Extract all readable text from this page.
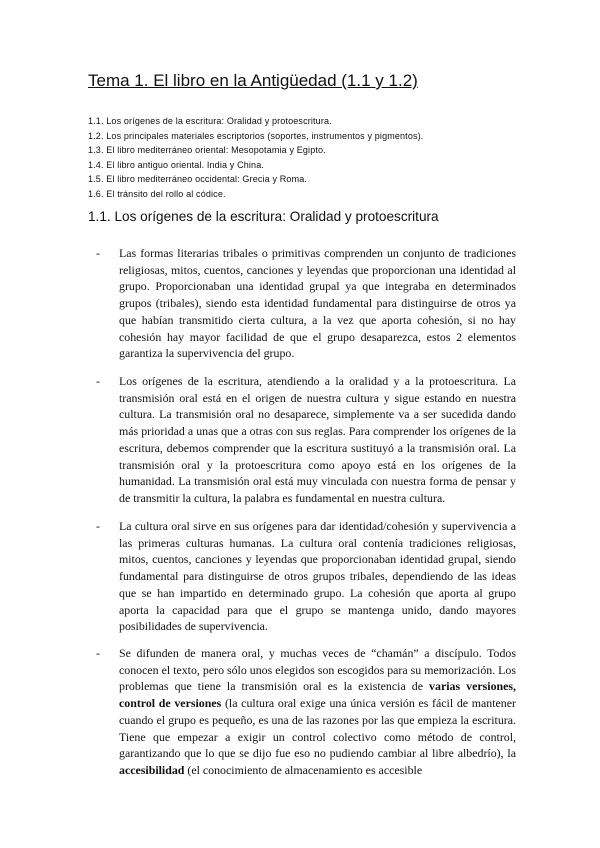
Tema 1. El libro en la Antigüedad (1.1 y 1.2)
1.1. Los orígenes de la escritura: Oralidad y protoescritura.
1.2. Los principales materiales escriptorios (soportes, instrumentos y pigmentos).
1.3. El libro mediterráneo oriental: Mesopotamia y Egipto.
1.4. El libro antiguo oriental. India y China.
1.5. El libro mediterráneo occidental: Grecia y Roma.
1.6. El tránsito del rollo al códice.
1.1. Los orígenes de la escritura: Oralidad y protoescritura
-	Las formas literarias tribales o primitivas comprenden un conjunto de tradiciones religiosas, mitos, cuentos, canciones y leyendas que proporcionan una identidad al grupo. Proporcionaban una identidad grupal ya que integraba en determinados grupos (tribales), siendo esta identidad fundamental para distinguirse de otros ya que habían transmitido cierta cultura, a la vez que aporta cohesión, si no hay cohesión hay mayor facilidad de que el grupo desaparezca, estos 2 elementos garantiza la supervivencia del grupo.

-	Los orígenes de la escritura, atendiendo a la oralidad y a la protoescritura. La transmisión oral está en el origen de nuestra cultura y sigue estando en nuestra cultura. La transmisión oral no desaparece, simplemente va a ser sucedida dando más prioridad a unas que a otras con sus reglas. Para comprender los orígenes de la escritura, debemos comprender que la escritura sustituyó a la transmisión oral. La transmisión oral y la protoescritura como apoyo está en los orígenes de la humanidad. La transmisión oral está muy vinculada con nuestra forma de pensar y de transmitir la cultura, la palabra es fundamental en nuestra cultura.

-	La cultura oral sirve en sus orígenes para dar identidad/cohesión y supervivencia a las primeras culturas humanas. La cultura oral contenía tradiciones religiosas, mitos, cuentos, canciones y leyendas que proporcionaban identidad grupal, siendo fundamental para distinguirse de otros grupos tribales, dependiendo de las ideas que se han impartido en determinado grupo. La cohesión que aporta al grupo aporta la capacidad para que el grupo se mantenga unido, dando mayores posibilidades de supervivencia.

-	Se difunden de manera oral, y muchas veces de “chamán” a discípulo. Todos conocen el texto, pero sólo unos elegidos son escogidos para su memorización. Los problemas que tiene la transmisión oral es la existencia de varias versiones, control de versiones (la cultura oral exige una única versión es fácil de mantener cuando el grupo es pequeño, es una de las razones por las que empieza la escritura. Tiene que empezar a exigir un control colectivo como método de control, garantizando que lo que se dijo fue eso no pudiendo cambiar al libre albedrío), la accesibilidad (el conocimiento de almacenamiento es accesible
